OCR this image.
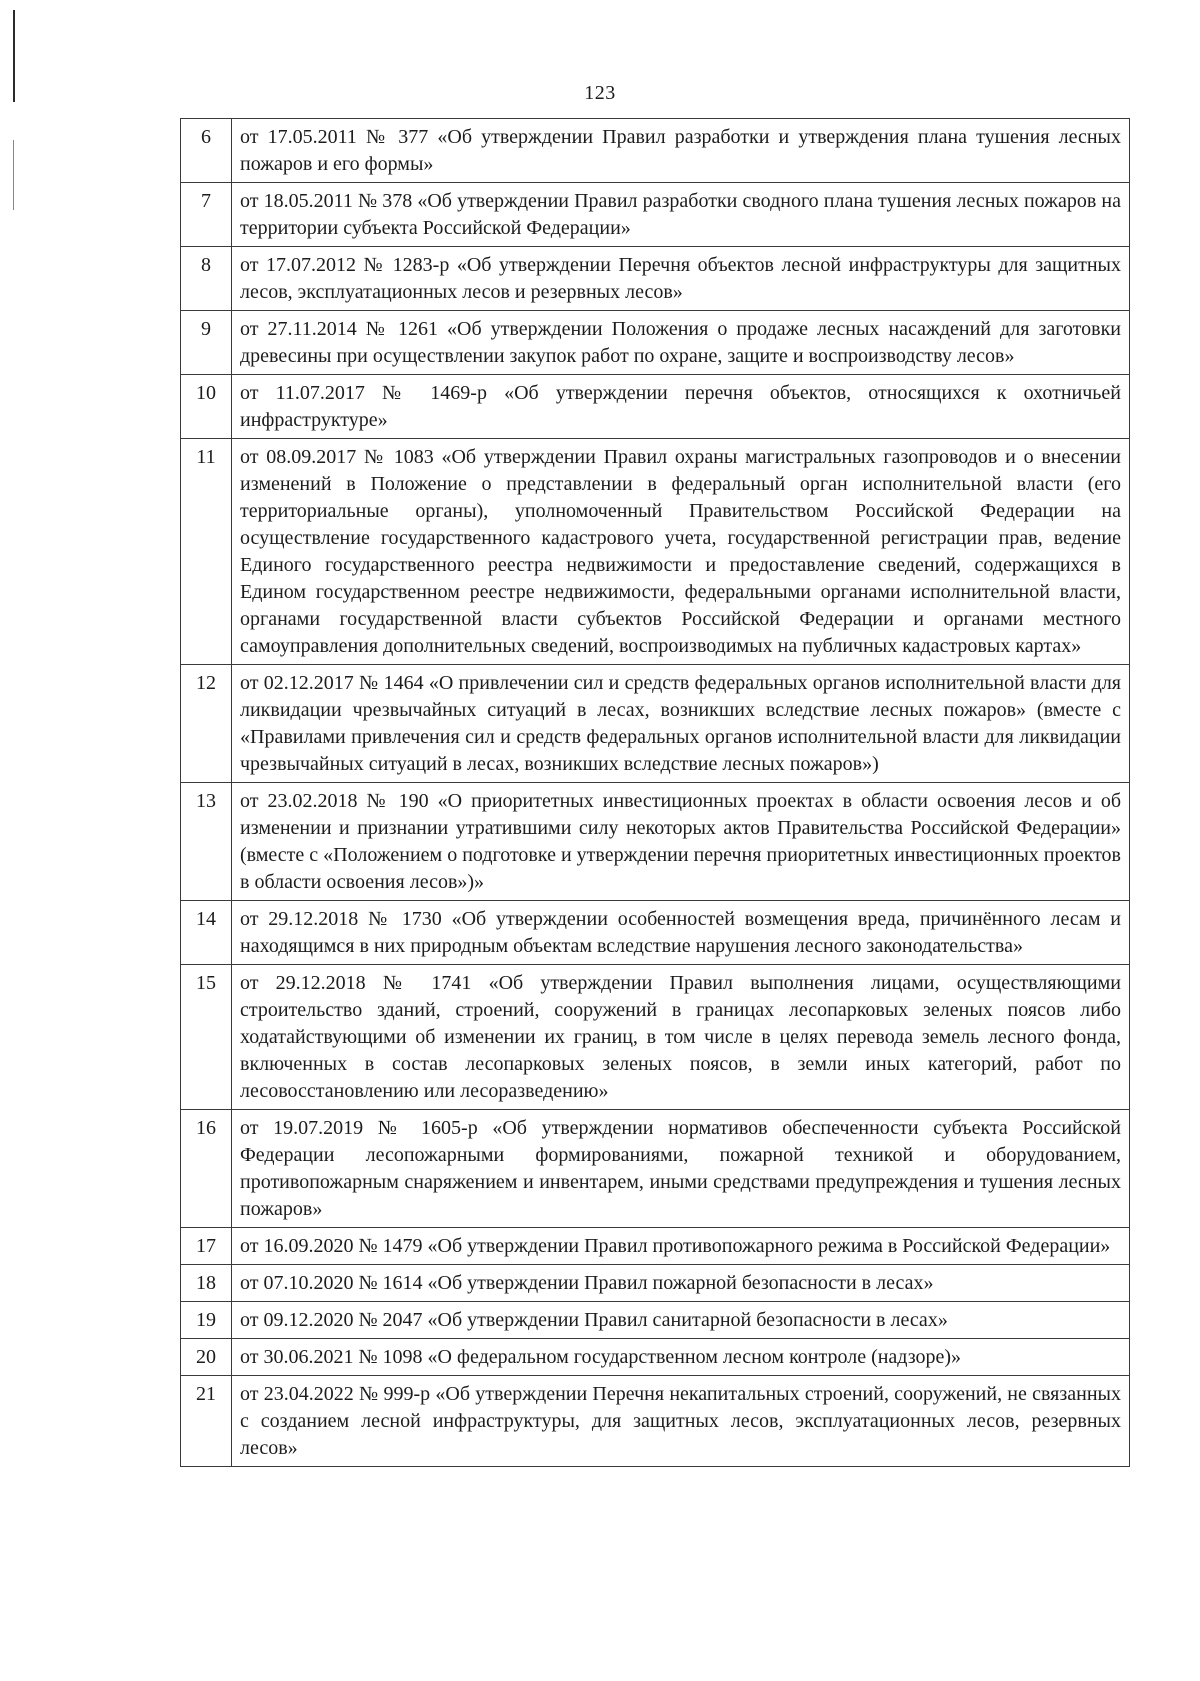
123
6	от 17.05.2011 № 377 «Об утверждении Правил разработки и утверждения плана тушения лесных пожаров и его формы»
7	от 18.05.2011 № 378 «Об утверждении Правил разработки сводного плана тушения лесных пожаров на территории субъекта Российской Федерации»
8	от 17.07.2012 № 1283-р «Об утверждении Перечня объектов лесной инфраструктуры для защитных лесов, эксплуатационных лесов и резервных лесов»
9	от 27.11.2014 № 1261 «Об утверждении Положения о продаже лесных насаждений для заготовки древесины при осуществлении закупок работ по охране, защите и воспроизводству лесов»
10	от 11.07.2017 № 1469-р «Об утверждении перечня объектов, относящихся к охотничьей инфраструктуре»
11	от 08.09.2017 № 1083 «Об утверждении Правил охраны магистральных газопроводов и о внесении изменений в Положение о представлении в федеральный орган исполнительной власти (его территориальные органы), уполномоченный Правительством Российской Федерации на осуществление государственного кадастрового учета, государственной регистрации прав, ведение Единого государственного реестра недвижимости и предоставление сведений, содержащихся в Едином государственном реестре недвижимости, федеральными органами исполнительной власти, органами государственной власти субъектов Российской Федерации и органами местного самоуправления дополнительных сведений, воспроизводимых на публичных кадастровых картах»
12	от 02.12.2017 № 1464 «О привлечении сил и средств федеральных органов исполнительной власти для ликвидации чрезвычайных ситуаций в лесах, возникших вследствие лесных пожаров» (вместе с «Правилами привлечения сил и средств федеральных органов исполнительной власти для ликвидации чрезвычайных ситуаций в лесах, возникших вследствие лесных пожаров»)
13	от 23.02.2018 № 190 «О приоритетных инвестиционных проектах в области освоения лесов и об изменении и признании утратившими силу некоторых актов Правительства Российской Федерации» (вместе с «Положением о подготовке и утверждении перечня приоритетных инвестиционных проектов в области освоения лесов»)»
14	от 29.12.2018 № 1730 «Об утверждении особенностей возмещения вреда, причинённого лесам и находящимся в них природным объектам вследствие нарушения лесного законодательства»
15	от 29.12.2018 № 1741 «Об утверждении Правил выполнения лицами, осуществляющими строительство зданий, строений, сооружений в границах лесопарковых зеленых поясов либо ходатайствующими об изменении их границ, в том числе в целях перевода земель лесного фонда, включенных в состав лесопарковых зеленых поясов, в земли иных категорий, работ по лесовосстановлению или лесоразведению»
16	от 19.07.2019 № 1605-р «Об утверждении нормативов обеспеченности субъекта Российской Федерации лесопожарными формированиями, пожарной техникой и оборудованием, противопожарным снаряжением и инвентарем, иными средствами предупреждения и тушения лесных пожаров»
17	от 16.09.2020 № 1479 «Об утверждении Правил противопожарного режима в Российской Федерации»
18	от 07.10.2020 № 1614 «Об утверждении Правил пожарной безопасности в лесах»
19	от 09.12.2020 № 2047 «Об утверждении Правил санитарной безопасности в лесах»
20	от 30.06.2021 № 1098 «О федеральном государственном лесном контроле (надзоре)»
21	от 23.04.2022 № 999-р «Об утверждении Перечня некапитальных строений, сооружений, не связанных с созданием лесной инфраструктуры, для защитных лесов, эксплуатационных лесов, резервных лесов»
